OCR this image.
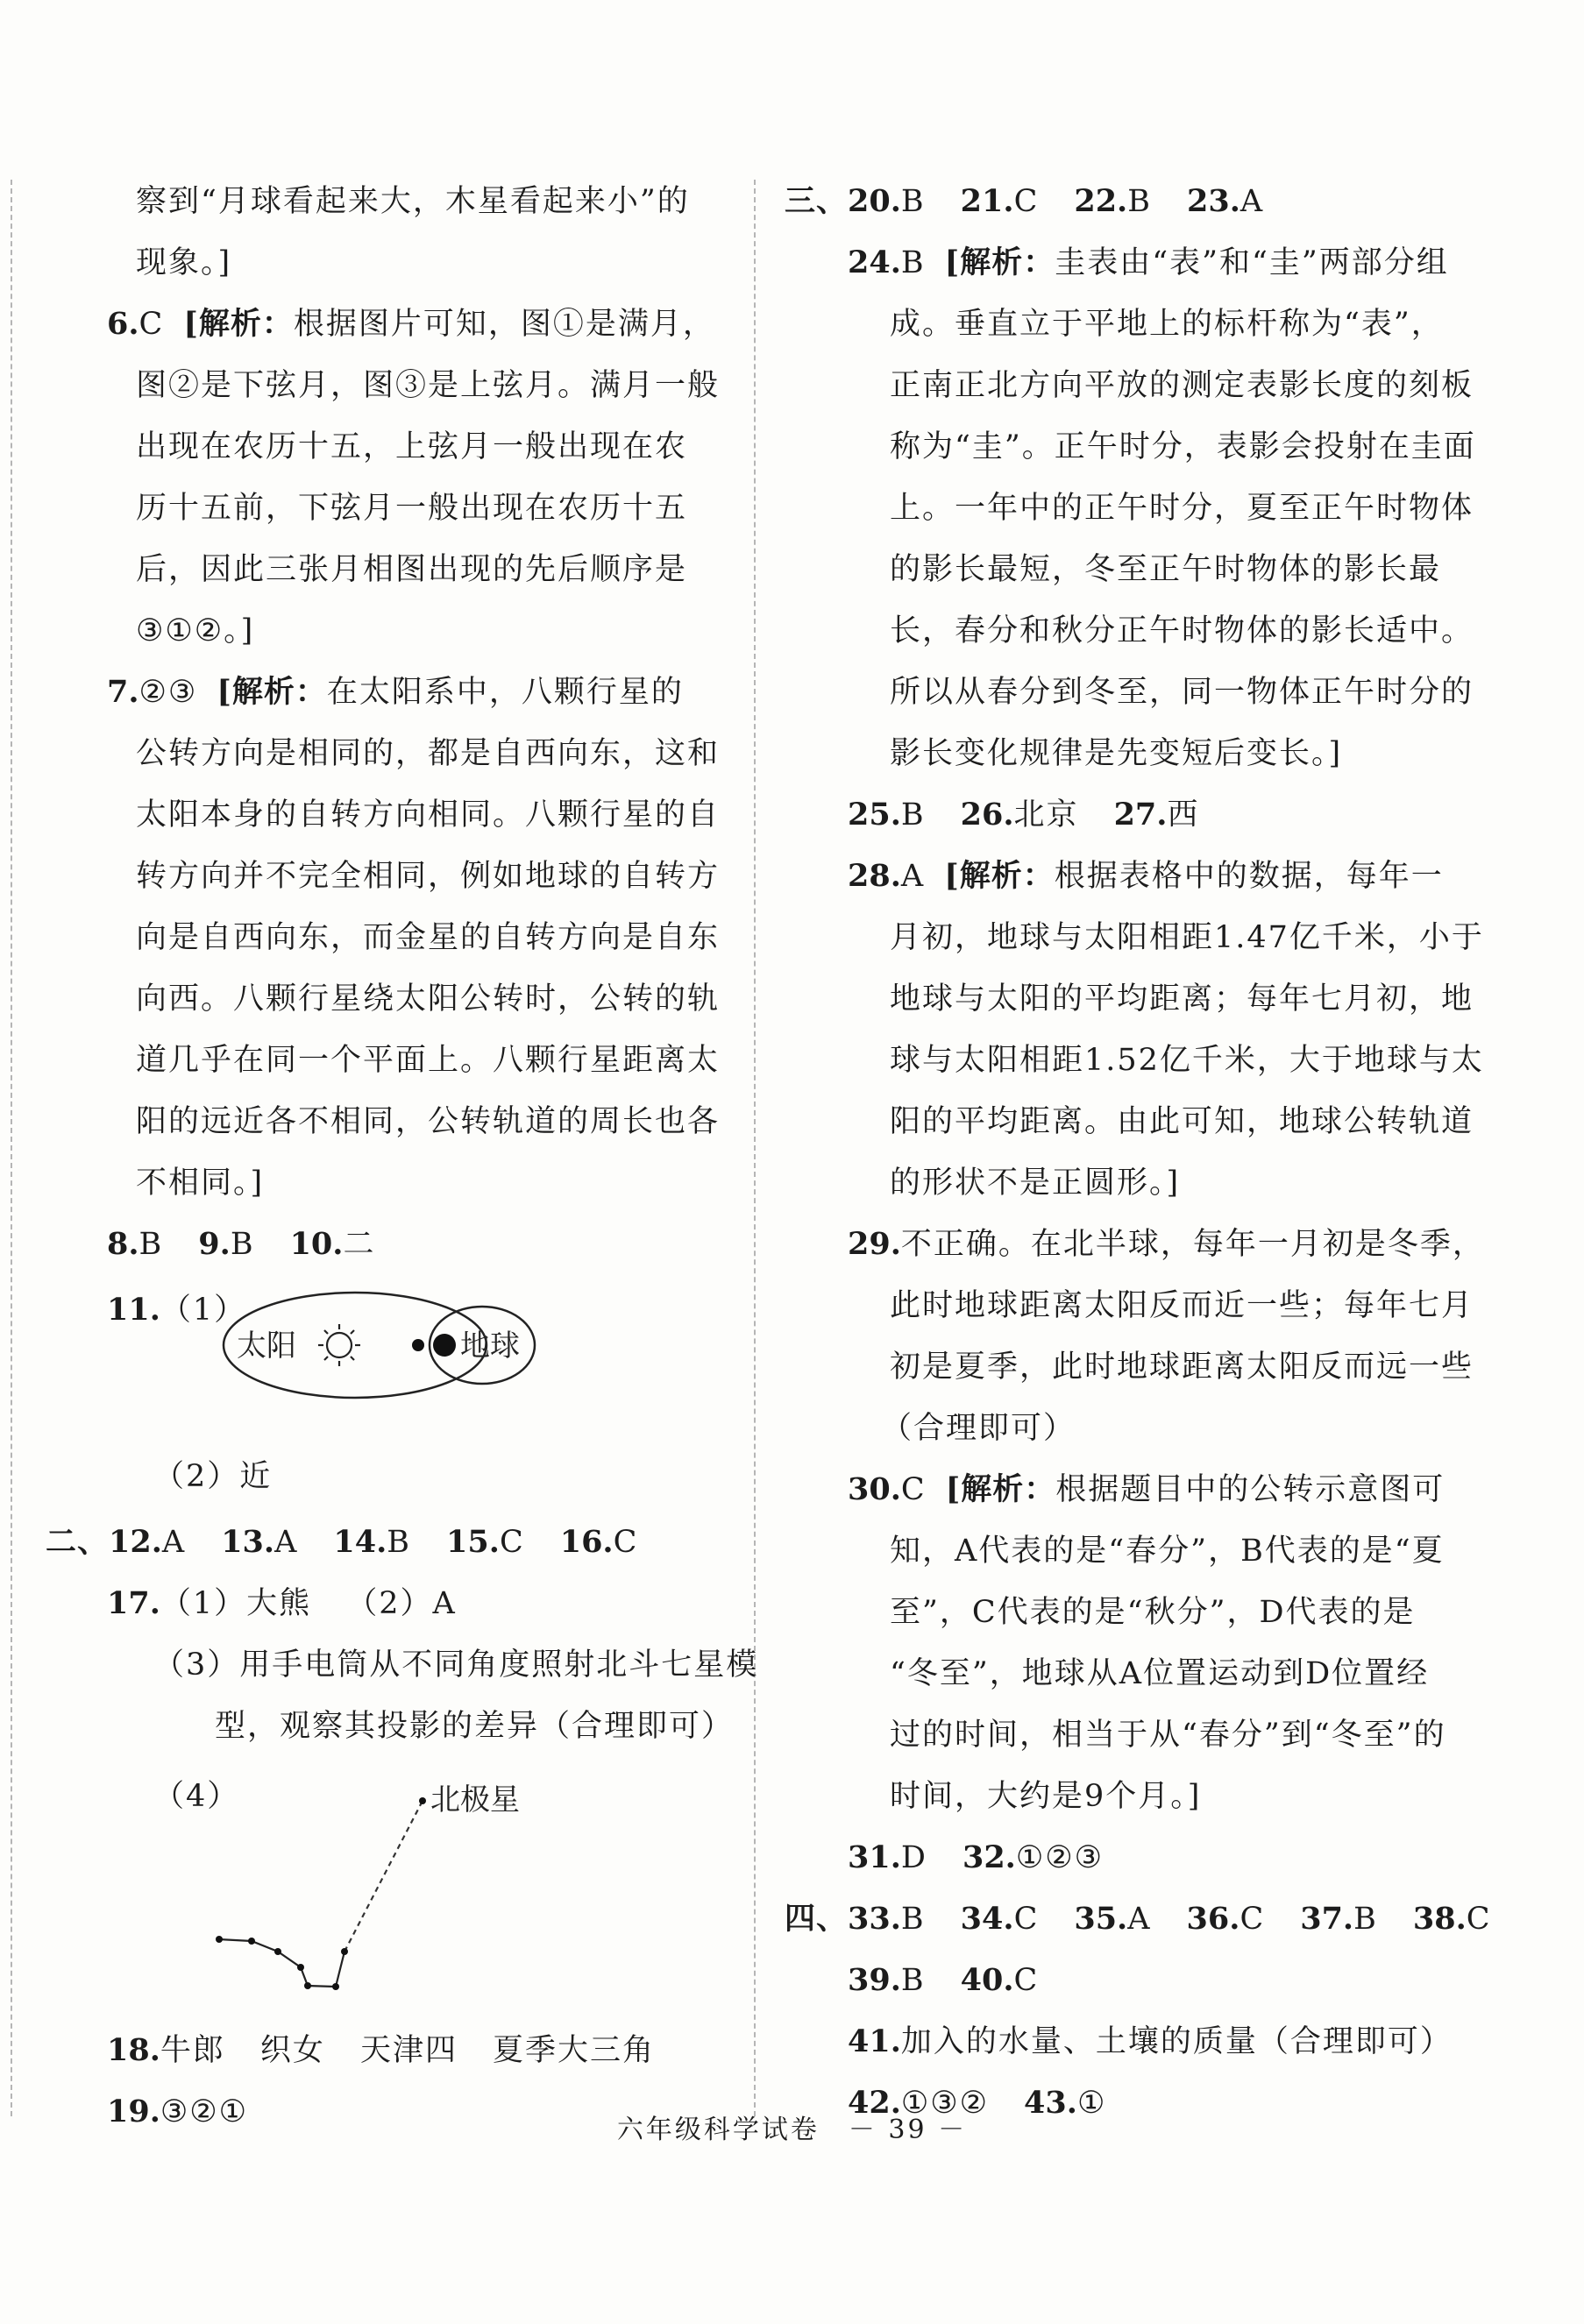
察到“月球看起来大，木星看起来小”的
现象。]
6.C [解析：根据图片可知，图①是满月，
图②是下弦月，图③是上弦月。满月一般
出现在农历十五，上弦月一般出现在农
历十五前，下弦月一般出现在农历十五
后，因此三张月相图出现的先后顺序是
③①②。]
7.②③ [解析：在太阳系中，八颗行星的
公转方向是相同的，都是自西向东，这和
太阳本身的自转方向相同。八颗行星的自
转方向并不完全相同，例如地球的自转方
向是自西向东，而金星的自转方向是自东
向西。八颗行星绕太阳公转时，公转的轨
道几乎在同一个平面上。八颗行星距离太
阳的远近各不相同，公转轨道的周长也各
不相同。]
8.B 9.B 10.二
11.（1）
太阳	地球
（2）近
二、12.A 13.A 14.B 15.C 16.C
17.（1）大熊 （2）A
（3）用手电筒从不同角度照射北斗七星模
型，观察其投影的差异（合理即可）
（4）	北极星
18.牛郎 织女 天津四 夏季大三角
19.③②①
三、20.B 21.C 22.B 23.A
24.B [解析：圭表由“表”和“圭”两部分组
成。垂直立于平地上的标杆称为“表”，
正南正北方向平放的测定表影长度的刻板
称为“圭”。正午时分，表影会投射在圭面
上。一年中的正午时分，夏至正午时物体
的影长最短，冬至正午时物体的影长最
长，春分和秋分正午时物体的影长适中。
所以从春分到冬至，同一物体正午时分的
影长变化规律是先变短后变长。]
25.B 26.北京 27.西
28.A [解析：根据表格中的数据，每年一
月初，地球与太阳相距1.47亿千米，小于
地球与太阳的平均距离；每年七月初，地
球与太阳相距1.52亿千米，大于地球与太
阳的平均距离。由此可知，地球公转轨道
的形状不是正圆形。]
29.不正确。在北半球，每年一月初是冬季，
此时地球距离太阳反而近一些；每年七月
初是夏季，此时地球距离太阳反而远一些
（合理即可）
30.C [解析：根据题目中的公转示意图可
知，A代表的是“春分”，B代表的是“夏
至”，C代表的是“秋分”，D代表的是
“冬至”，地球从A位置运动到D位置经
过的时间，相当于从“春分”到“冬至”的
时间，大约是9个月。]
31.D 32.①②③
四、33.B 34.C 35.A 36.C 37.B 38.C
39.B 40.C
41.加入的水量、土壤的质量（合理即可）
42.①③② 43.①
六年级科学试卷　－ 39 －
